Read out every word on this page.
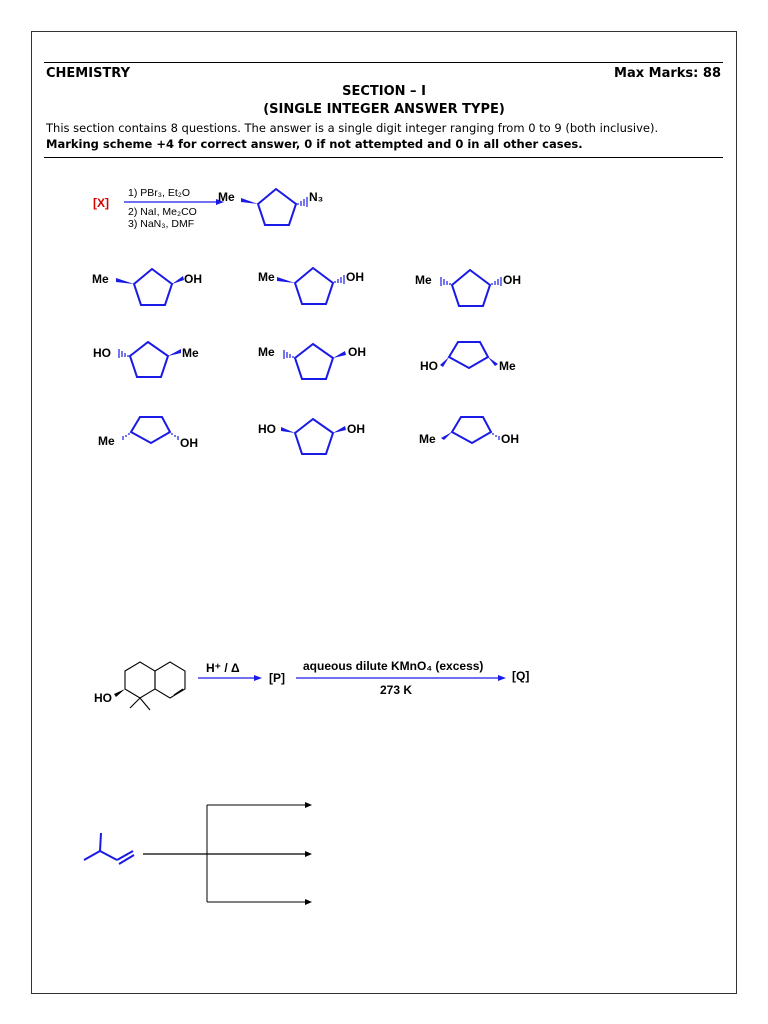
CHEMISTRY	Max Marks: 88
SECTION – I
(SINGLE INTEGER ANSWER TYPE)
This section contains 8 questions. The answer is a single digit integer ranging from 0 to 9 (both inclusive).
Marking scheme +4 for correct answer, 0 if not attempted and 0 in all other cases.
[X]
1) PBr₃, Et₂O
2) NaI, Me₂CO
3) NaN₃, DMF
Me	N₃
Me	OH	Me	OH	Me	OH
HO	Me	Me	OH
HO	Me
Me	OH
HO	OH
Me	OH
HO
H⁺ / Δ
[P]
aqueous dilute KMnO₄ (excess)
273 K
[Q]
